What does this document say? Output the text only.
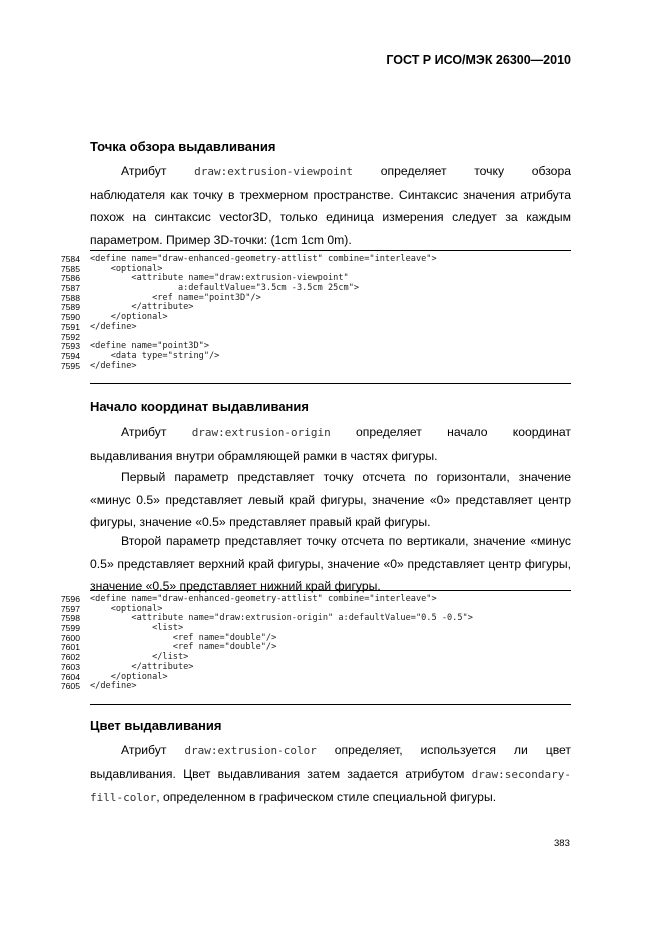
ГОСТ Р ИСО/МЭК 26300—2010
Точка обзора выдавливания
Атрибут	draw:extrusion-viewpoint определяет точку обзора
наблюдателя как точку в трехмерном пространстве. Синтаксис значения атрибута похож на синтаксис vector3D, только единица измерения следует за каждым параметром. Пример 3D-точки: (1cm 1cm 0m).
7584
7585
7586
7587
7588
7589
7590
7591
7592
7593
7594
7595
<define name="draw-enhanced-geometry-attlist" combine="interleave">
<optional>
<attribute name="draw:extrusion-viewpoint"
a:defaultValue="3.5cm -3.5cm 25cm">
<ref name="point3D"/>
</attribute>
</optional>
</define>
<define name="point3D">
<data type="string"/>
</define>
Начало координат выдавливания
Атрибут draw:extrusion-origin определяет начало координат
выдавливания внутри обрамляющей рамки в частях фигуры.
Первый параметр представляет точку отсчета по горизонтали, значение «минус 0.5» представляет левый край фигуры, значение «0» представляет центр фигуры, значение «0.5» представляет правый край фигуры.
Второй параметр представляет точку отсчета по вертикали, значение «минус 0.5» представляет верхний край фигуры, значение «0» представляет центр фигуры, значение «0.5» представляет нижний край фигуры.
7596
7597
7598
7599
7600
7601
7602
7603
7604
7605
<define name="draw-enhanced-geometry-attlist" combine="interleave">
<optional>
<attribute name="draw:extrusion-origin" a:defaultValue="0.5 -0.5">
<list>
<ref name="double"/>
<ref name="double"/>
</list>
</attribute>
</optional>
</define>
Цвет выдавливания
Атрибут draw:extrusion-color определяет, используется ли цвет
выдавливания. Цвет выдавливания затем задается атрибутом draw:secondary-
fill-color, определенном в графическом стиле специальной фигуры.
383
